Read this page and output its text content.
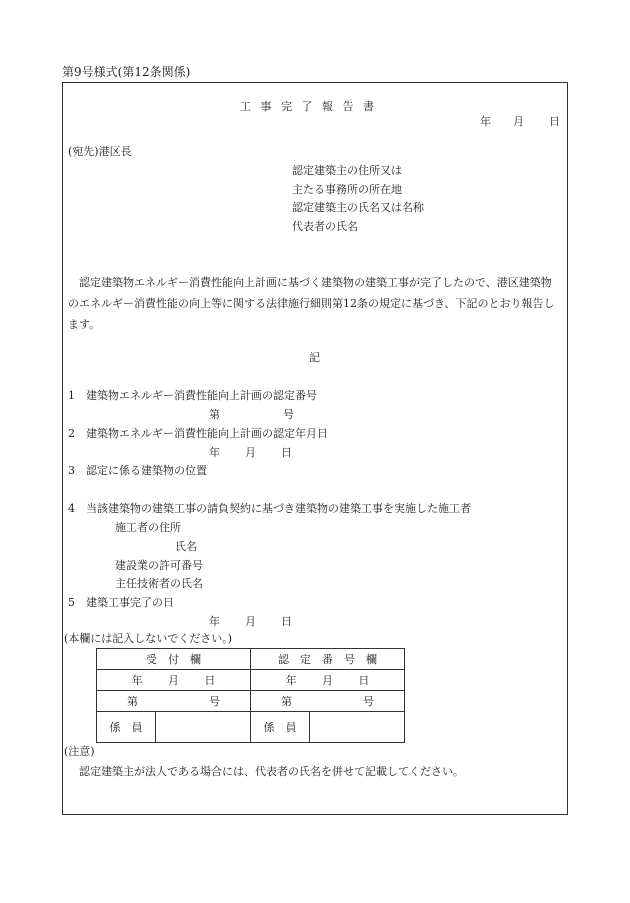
第9号様式(第12条関係)
工 事 完 了 報 告 書
年 月 日
(宛先)港区長
認定建築主の住所又は
主たる事務所の所在地
認定建築主の氏名又は名称
代表者の氏名
認定建築物エネルギー消費性能向上計画に基づく建築物の建築工事が完了したので、港区建築物のエネルギー消費性能の向上等に関する法律施行細則第12条の規定に基づき、下記のとおり報告します。
記
1　建築物エネルギー消費性能向上計画の認定番号
第	号
2　建築物エネルギー消費性能向上計画の認定年月日
年 月 日
3　認定に係る建築物の位置
4　当該建築物の建築工事の請負契約に基づき建築物の建築工事を実施した施工者
施工者の住所
氏名
建設業の許可番号
主任技術者の氏名
5　建築工事完了の日
年 月 日
(本欄には記入しないでください。)
受　付　欄		認　定　番　号　欄	

年 月 日		年 月 日	

第 号		第 号	

係　員		係　員	
(注意)
認定建築主が法人である場合には、代表者の氏名を併せて記載してください。
